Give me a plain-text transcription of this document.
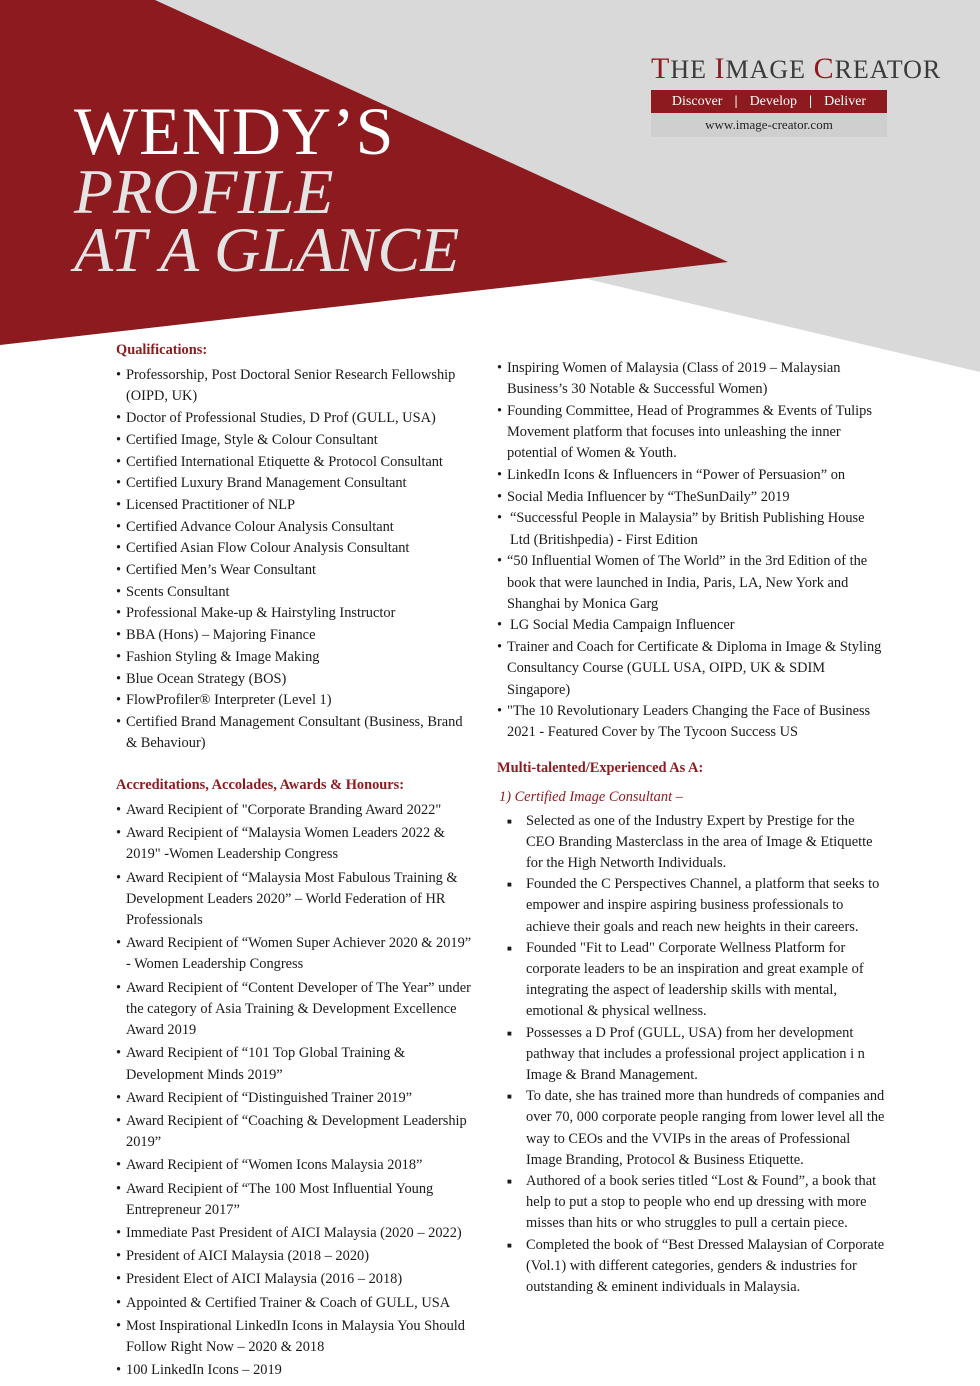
WENDY’S
PROFILE
AT A GLANCE
THE IMAGE CREATOR
Discover | Develop | Deliver
www.image-creator.com
Qualifications:
• Professorship, Post Doctoral Senior Research Fellowship (OIPD, UK)
• Doctor of Professional Studies, D Prof (GULL, USA)
• Certified Image, Style & Colour Consultant
• Certified International Etiquette & Protocol Consultant
• Certified Luxury Brand Management Consultant
• Licensed Practitioner of NLP
• Certified Advance Colour Analysis Consultant
• Certified Asian Flow Colour Analysis Consultant
• Certified Men’s Wear Consultant
• Scents Consultant
• Professional Make-up & Hairstyling Instructor
• BBA (Hons) – Majoring Finance
• Fashion Styling & Image Making
• Blue Ocean Strategy (BOS)
• FlowProfiler® Interpreter (Level 1)
• Certified Brand Management Consultant (Business, Brand & Behaviour)
Accreditations, Accolades, Awards & Honours:
• Award Recipient of "Corporate Branding Award 2022"
• Award Recipient of “Malaysia Women Leaders 2022 & 2019" -Women Leadership Congress
• Award Recipient of “Malaysia Most Fabulous Training & Development Leaders 2020” – World Federation of HR Professionals
• Award Recipient of “Women Super Achiever 2020 & 2019” - Women Leadership Congress
• Award Recipient of “Content Developer of The Year” under the category of Asia Training & Development Excellence Award 2019
• Award Recipient of “101 Top Global Training & Development Minds 2019”
• Award Recipient of “Distinguished Trainer 2019”
• Award Recipient of “Coaching & Development Leadership 2019”
• Award Recipient of “Women Icons Malaysia 2018”
• Award Recipient of “The 100 Most Influential Young Entrepreneur 2017”
• Immediate Past President of AICI Malaysia (2020 – 2022)
• President of AICI Malaysia (2018 – 2020)
• President Elect of AICI Malaysia (2016 – 2018)
• Appointed & Certified Trainer & Coach of GULL, USA
• Most Inspirational LinkedIn Icons in Malaysia You Should Follow Right Now – 2020 & 2018
• 100 LinkedIn Icons – 2019
• Inspiring Women of Malaysia (Class of 2019 – Malaysian Business’s 30 Notable & Successful Women)
• Founding Committee, Head of Programmes & Events of Tulips Movement platform that focuses into unleashing the inner potential of Women & Youth.
• LinkedIn Icons & Influencers in “Power of Persuasion” on
• Social Media Influencer by “TheSunDaily” 2019
• “Successful People in Malaysia” by British Publishing House Ltd (Britishpedia) - First Edition
• “50 Influential Women of The World” in the 3rd Edition of the book that were launched in India, Paris, LA, New York and Shanghai by Monica Garg
• LG Social Media Campaign Influencer
• Trainer and Coach for Certificate & Diploma in Image & Styling Consultancy Course (GULL USA, OIPD, UK & SDIM Singapore)
• "The 10 Revolutionary Leaders Changing the Face of Business 2021 - Featured Cover by The Tycoon Success US
Multi-talented/Experienced As A:
1) Certified Image Consultant –
■ Selected as one of the Industry Expert by Prestige for the CEO Branding Masterclass in the area of Image & Etiquette for the High Networth Individuals.
■ Founded the C Perspectives Channel, a platform that seeks to empower and inspire aspiring business professionals to achieve their goals and reach new heights in their careers.
■ Founded "Fit to Lead" Corporate Wellness Platform for corporate leaders to be an inspiration and great example of integrating the aspect of leadership skills with mental, emotional & physical wellness.
■ Possesses a D Prof (GULL, USA) from her development pathway that includes a professional project application i n Image & Brand Management.
■ To date, she has trained more than hundreds of companies and over 70, 000 corporate people ranging from lower level all the way to CEOs and the VVIPs in the areas of Professional Image Branding, Protocol & Business Etiquette.
■ Authored of a book series titled “Lost & Found”, a book that help to put a stop to people who end up dressing with more misses than hits or who struggles to pull a certain piece.
■ Completed the book of “Best Dressed Malaysian of Corporate (Vol.1) with different categories, genders & industries for outstanding & eminent individuals in Malaysia.
